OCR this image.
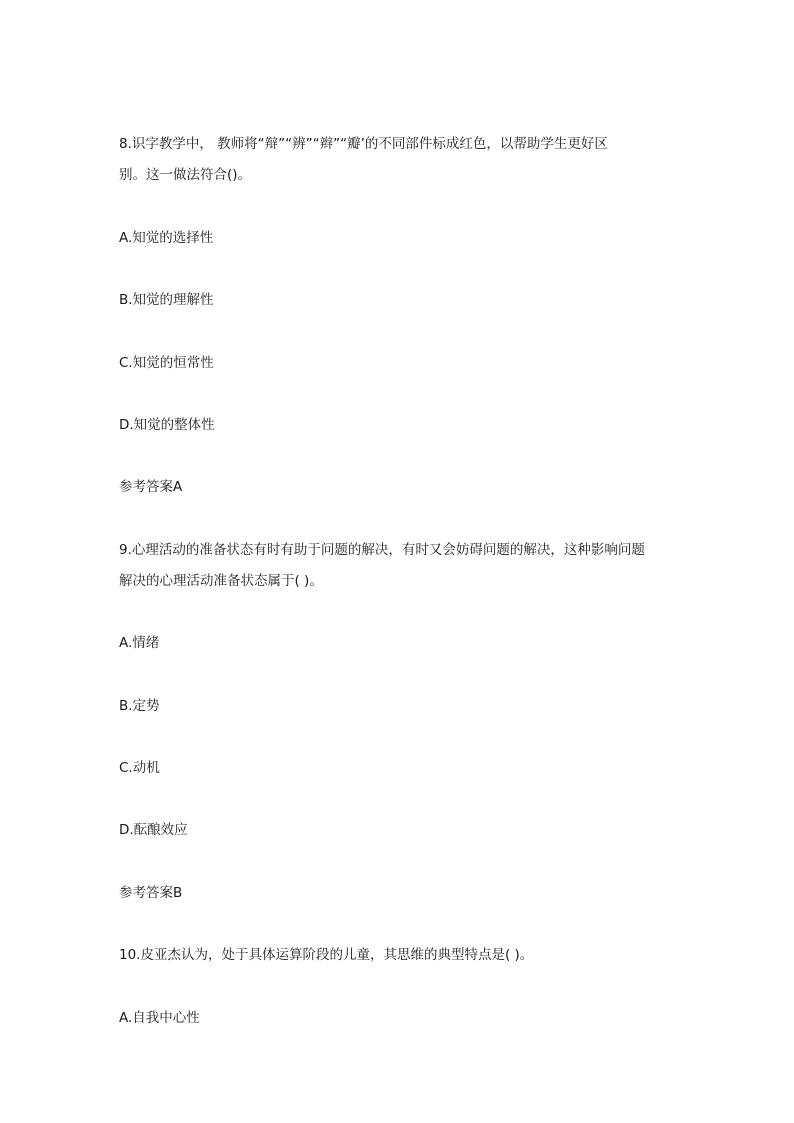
8.识字教学中， 教师将“辩”“辨”“辫”“瓣’的不同部件标成红色，以帮助学生更好区
别。这一做法符合()。
A.知觉的选择性
B.知觉的理解性
C.知觉的恒常性
D.知觉的整体性
参考答案A
9.心理活动的准备状态有时有助于问题的解决，有时又会妨碍问题的解决，这种影响问题
解决的心理活动准备状态属于( )。
A.情绪
B.定势
C.动机
D.酝酿效应
参考答案B
10.皮亚杰认为，处于具体运算阶段的儿童，其思维的典型特点是( )。
A.自我中心性
